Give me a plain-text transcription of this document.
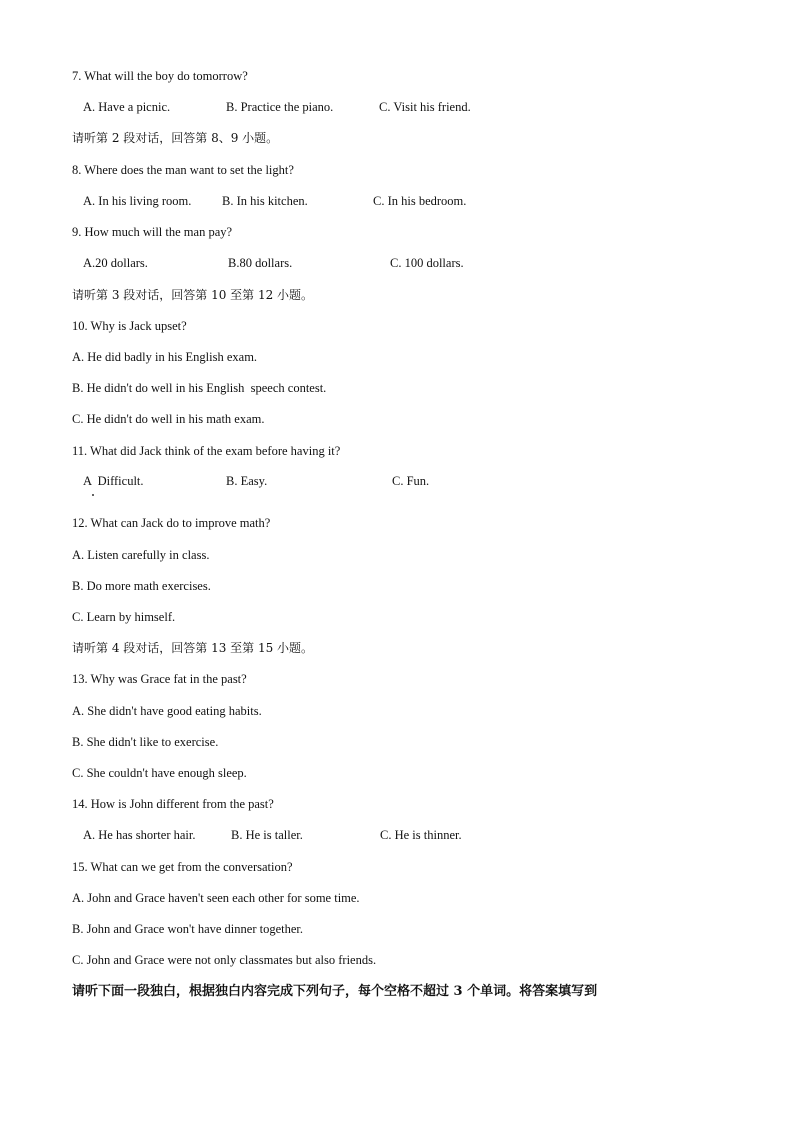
7. What will the boy do tomorrow?
A. Have a picnic.	B. Practice the piano.	C. Visit his friend.
请听第 2 段对话，回答第 8、9 小题。
8. Where does the man want to set the light?
A. In his living room. B. In his kitchen.	C. In his bedroom.
9. How much will the man pay?
A.20 dollars.	B.80 dollars.	C. 100 dollars.
请听第 3 段对话，回答第 10 至第 12 小题。
10. Why is Jack upset?
A. He did badly in his English exam.
B. He didn't do well in his English  speech contest.
C. He didn't do well in his math exam.
11. What did Jack think of the exam before having it?
A  Difficult.	B. Easy.	C. Fun.
12. What can Jack do to improve math?
A. Listen carefully in class.
B. Do more math exercises.
C. Learn by himself.
请听第 4 段对话，回答第 13 至第 15 小题。
13. Why was Grace fat in the past?
A. She didn't have good eating habits.
B. She didn't like to exercise.
C. She couldn't have enough sleep.
14. How is John different from the past?
A. He has shorter hair.	B. He is taller.	C. He is thinner.
15. What can we get from the conversation?
A. John and Grace haven't seen each other for some time.
B. John and Grace won't have dinner together.
C. John and Grace were not only classmates but also friends.
请听下面一段独白，根据独白内容完成下列句子，每个空格不超过 3 个单词。将答案填写到
